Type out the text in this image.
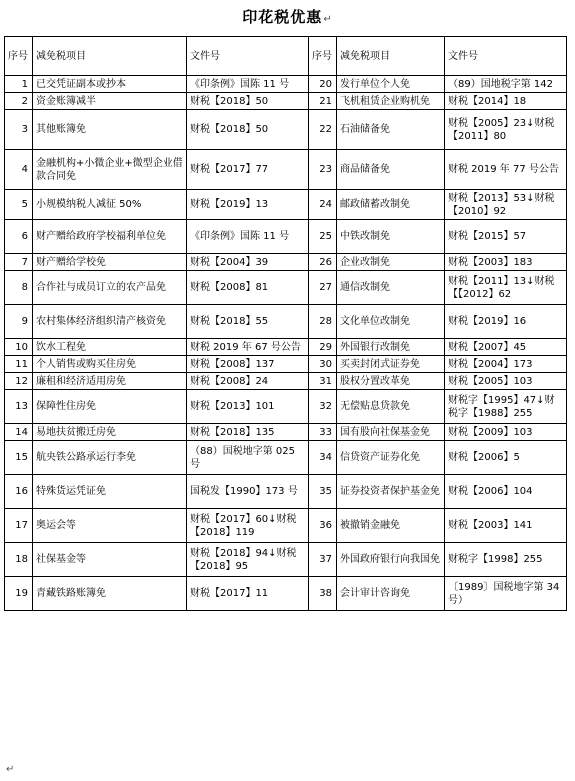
印花税优惠↵
序号	减免税项目	文件号	序号	减免税项目	文件号
1	已交凭证副本或抄本	《印条例》国陈 11 号	20	发行单位个人免	（89）国地税字第 142
2	资金账簿减半	财税【2018】50	21	飞机租赁企业购机免	财税【2014】18
3	其他账簿免	财税【2018】50	22	石油储备免	财税【2005】23↓财税【2011】80
4	金融机构+小微企业+微型企业借款合同免	财税【2017】77	23	商品储备免	财税 2019 年 77 号公告
5	小规模纳税人减征 50%	财税【2019】13	24	邮政储蓄改制免	财税【2013】53↓财税【2010】92
6	财产赠给政府学校福利单位免	《印条例》国陈 11 号	25	中铁改制免	财税【2015】57
7	财产赠给学校免	财税【2004】39	26	企业改制免	财税【2003】183
8	合作社与成员订立的农产品免	财税【2008】81	27	通信改制免	财税【2011】13↓财税【【2012】62
9	农村集体经济组织清产核资免	财税【2018】55	28	文化单位改制免	财税【2019】16
10	饮水工程免	财税 2019 年 67 号公告	29	外国银行改制免	财税【2007】45
11	个人销售或购买住房免	财税【2008】137	30	买卖封闭式证券免	财税【2004】173
12	廉租和经济适用房免	财税【2008】24	31	股权分置改革免	财税【2005】103
13	保障性住房免	财税【2013】101	32	无偿贴息贷款免	财税字【1995】47↓财税字【1988】255
14	易地扶贫搬迁房免	财税【2018】135	33	国有股向社保基金免	财税【2009】103
15	航央铁公路承运行李免	（88）国税地字第 025 号	34	信贷资产证券化免	财税【2006】5
16	特殊货运凭证免	国税发【1990】173 号	35	证券投资者保护基金免	财税【2006】104
17	奥运会等	财税【2017】60↓财税【2018】119	36	被撤销金融免	财税【2003】141
18	社保基金等	财税【2018】94↓财税【2018】95	37	外国政府银行向我国免	财税字【1998】255
19	青藏铁路账簿免	财税【2017】11	38	会计审计咨询免	〔1989〕国税地字第 34 号）
↵
